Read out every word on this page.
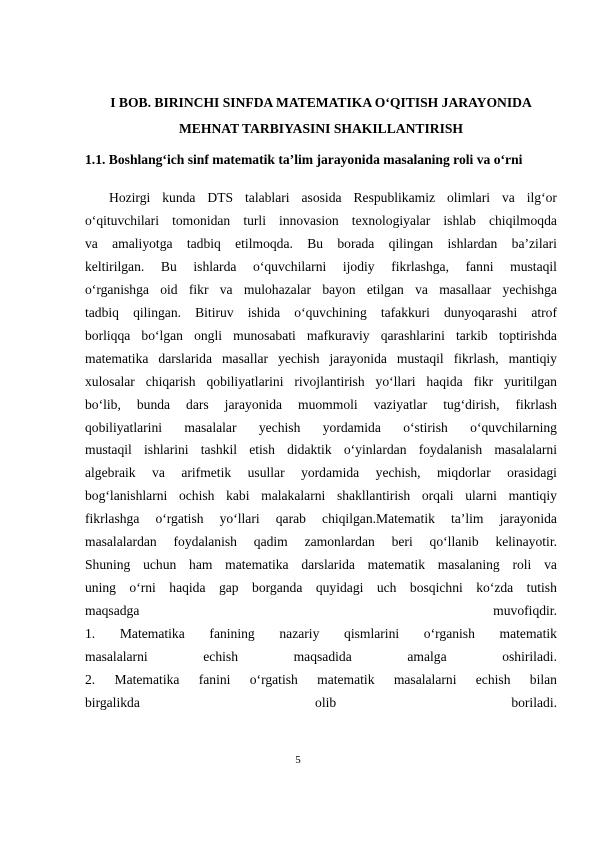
I BOB. BIRINCHI SINFDA MATEMATIKA O‘QITISH JARAYONIDA

MEHNAT TARBIYASINI SHAKILLANTIRISH

1.1. Boshlang‘ich sinf matematik ta’lim jarayonida masalaning roli va o‘rni

Hozirgi kunda DTS talablari asosida Respublikamiz olimlari va ilg‘or

o‘qituvchilari tomonidan turli innovasion texnologiyalar ishlab chiqilmoqda

va amaliyotga tadbiq etilmoqda. Bu borada qilingan ishlardan ba’zilari

keltirilgan. Bu ishlarda o‘quvchilarni ijodiy fikrlashga, fanni mustaqil

o‘rganishga oid fikr va mulohazalar bayon etilgan va masallaar yechishga

tadbiq qilingan. Bitiruv ishida o‘quvchining tafakkuri dunyoqarashi atrof

borliqqa bo‘lgan ongli munosabati mafkuraviy qarashlarini tarkib toptirishda

matematika darslarida masallar yechish jarayonida mustaqil fikrlash, mantiqiy

xulosalar chiqarish qobiliyatlarini rivojlantirish yo‘llari haqida fikr yuritilgan

bo‘lib, bunda dars jarayonida muommoli vaziyatlar tug‘dirish, fikrlash

qobiliyatlarini masalalar yechish yordamida o‘stirish o‘quvchilarning

mustaqil ishlarini tashkil etish didaktik o‘yinlardan foydalanish masalalarni

algebraik va arifmetik usullar yordamida yechish, miqdorlar orasidagi

bog‘lanishlarni ochish kabi malakalarni shakllantirish orqali ularni mantiqiy

fikrlashga o‘rgatish yo‘llari qarab chiqilgan.Matematik ta’lim jarayonida

masalalardan foydalanish qadim zamonlardan beri qo‘llanib kelinayotir.

Shuning uchun ham matematika darslarida matematik masalaning roli va

uning o‘rni haqida gap borganda quyidagi uch bosqichni ko‘zda tutish

maqsadga	muvofiqdir.

1. Matematika fanining nazariy qismlarini o‘rganish matematik

masalalarni	echish	maqsadida	amalga	oshiriladi.

2. Matematika fanini o‘rgatish matematik masalalarni echish bilan

birgalikda	olib	boriladi.

5
